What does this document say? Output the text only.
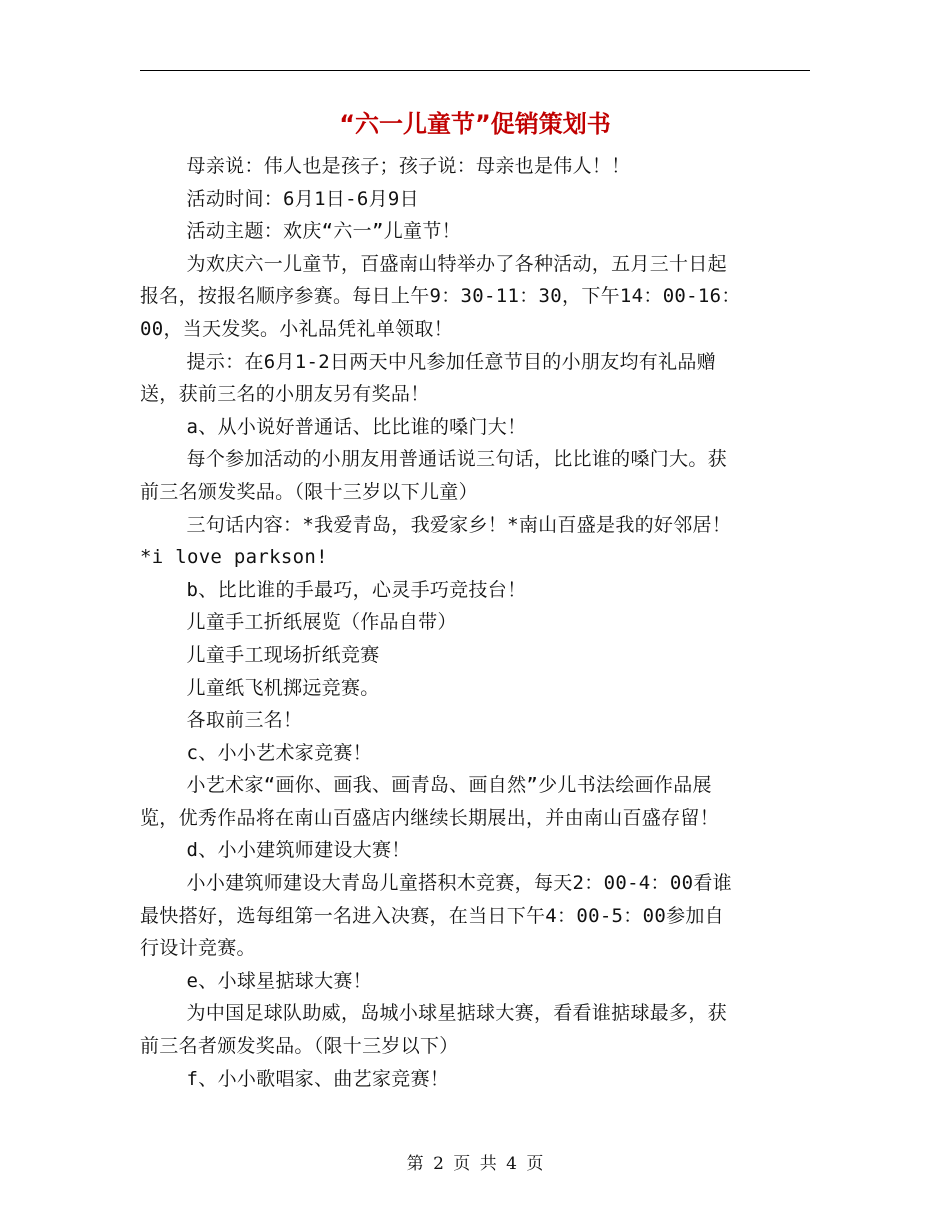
“六一儿童节”促销策划书

母亲说：伟人也是孩子；孩子说：母亲也是伟人！！

活动时间：6月1日-6月9日

活动主题：欢庆“六一”儿童节！

为欢庆六一儿童节，百盛南山特举办了各种活动，五月三十日起

报名，按报名顺序参赛。每日上午9：30-11：30，下午14：00-16：

00，当天发奖。小礼品凭礼单领取！

提示：在6月1-2日两天中凡参加任意节目的小朋友均有礼品赠

送，获前三名的小朋友另有奖品！

a、从小说好普通话、比比谁的嗓门大！

每个参加活动的小朋友用普通话说三句话，比比谁的嗓门大。获

前三名颁发奖品。（限十三岁以下儿童）

三句话内容：*我爱青岛，我爱家乡！*南山百盛是我的好邻居！

*i love parkson!

b、比比谁的手最巧，心灵手巧竞技台！

儿童手工折纸展览（作品自带）

儿童手工现场折纸竞赛

儿童纸飞机掷远竞赛。

各取前三名！

c、小小艺术家竞赛！

小艺术家“画你、画我、画青岛、画自然”少儿书法绘画作品展

览，优秀作品将在南山百盛店内继续长期展出，并由南山百盛存留！

d、小小建筑师建设大赛！

小小建筑师建设大青岛儿童搭积木竞赛，每天2：00-4：00看谁

最快搭好，选每组第一名进入决赛，在当日下午4：00-5：00参加自

行设计竞赛。

e、小球星掂球大赛！

为中国足球队助威，岛城小球星掂球大赛，看看谁掂球最多，获

前三名者颁发奖品。（限十三岁以下）

f、小小歌唱家、曲艺家竞赛！

第 2 页 共 4 页
